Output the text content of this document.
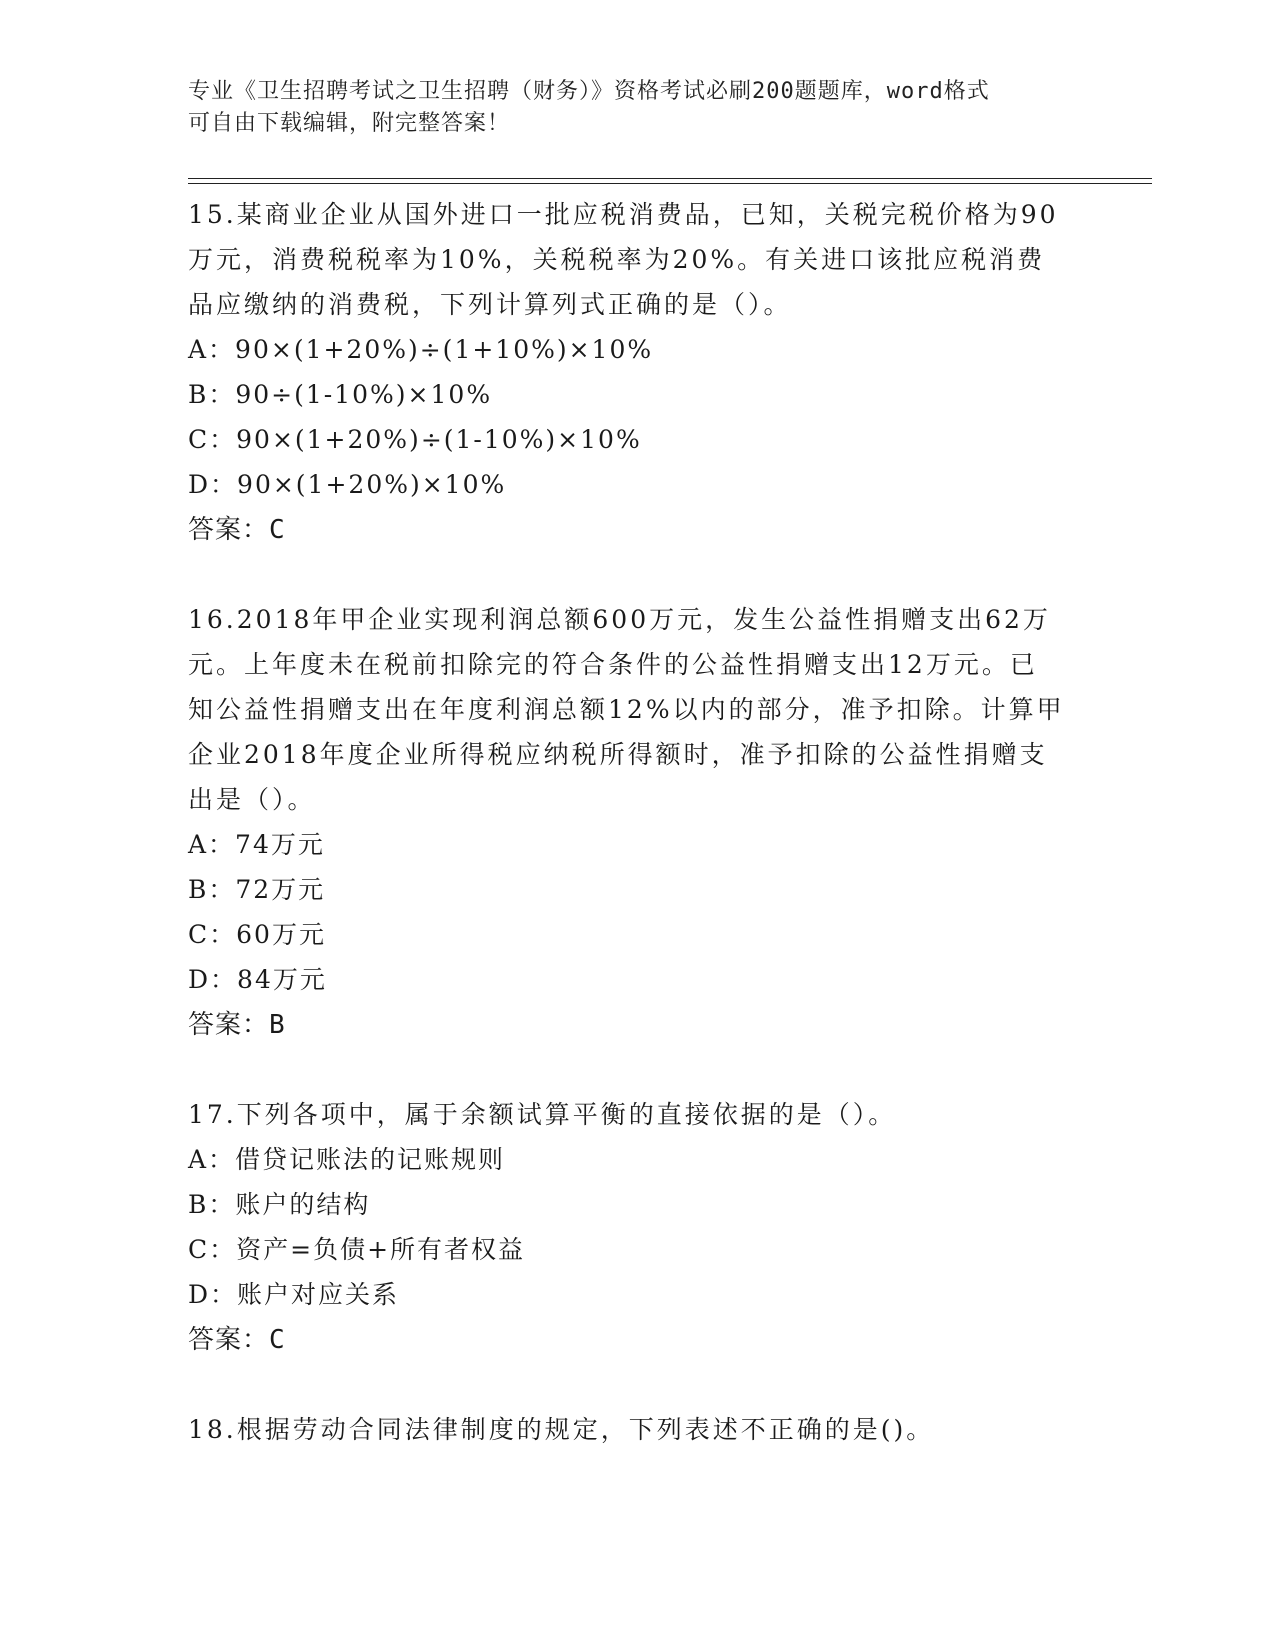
专业《卫生招聘考试之卫生招聘（财务）》资格考试必刷200题题库，word格式
可自由下载编辑，附完整答案！
15.某商业企业从国外进口一批应税消费品，已知，关税完税价格为90
万元，消费税税率为10%，关税税率为20%。有关进口该批应税消费
品应缴纳的消费税，下列计算列式正确的是（）。
A：90×(1+20%)÷(1+10%)×10%
B：90÷(1-10%)×10%
C：90×(1+20%)÷(1-10%)×10%
D：90×(1+20%)×10%
答案：C
16.2018年甲企业实现利润总额600万元，发生公益性捐赠支出62万
元。上年度未在税前扣除完的符合条件的公益性捐赠支出12万元。已
知公益性捐赠支出在年度利润总额12%以内的部分，准予扣除。计算甲
企业2018年度企业所得税应纳税所得额时，准予扣除的公益性捐赠支
出是（）。
A：74万元
B：72万元
C：60万元
D：84万元
答案：B
17.下列各项中，属于余额试算平衡的直接依据的是（）。
A：借贷记账法的记账规则
B：账户的结构
C：资产=负债+所有者权益
D：账户对应关系
答案：C
18.根据劳动合同法律制度的规定，下列表述不正确的是()。
